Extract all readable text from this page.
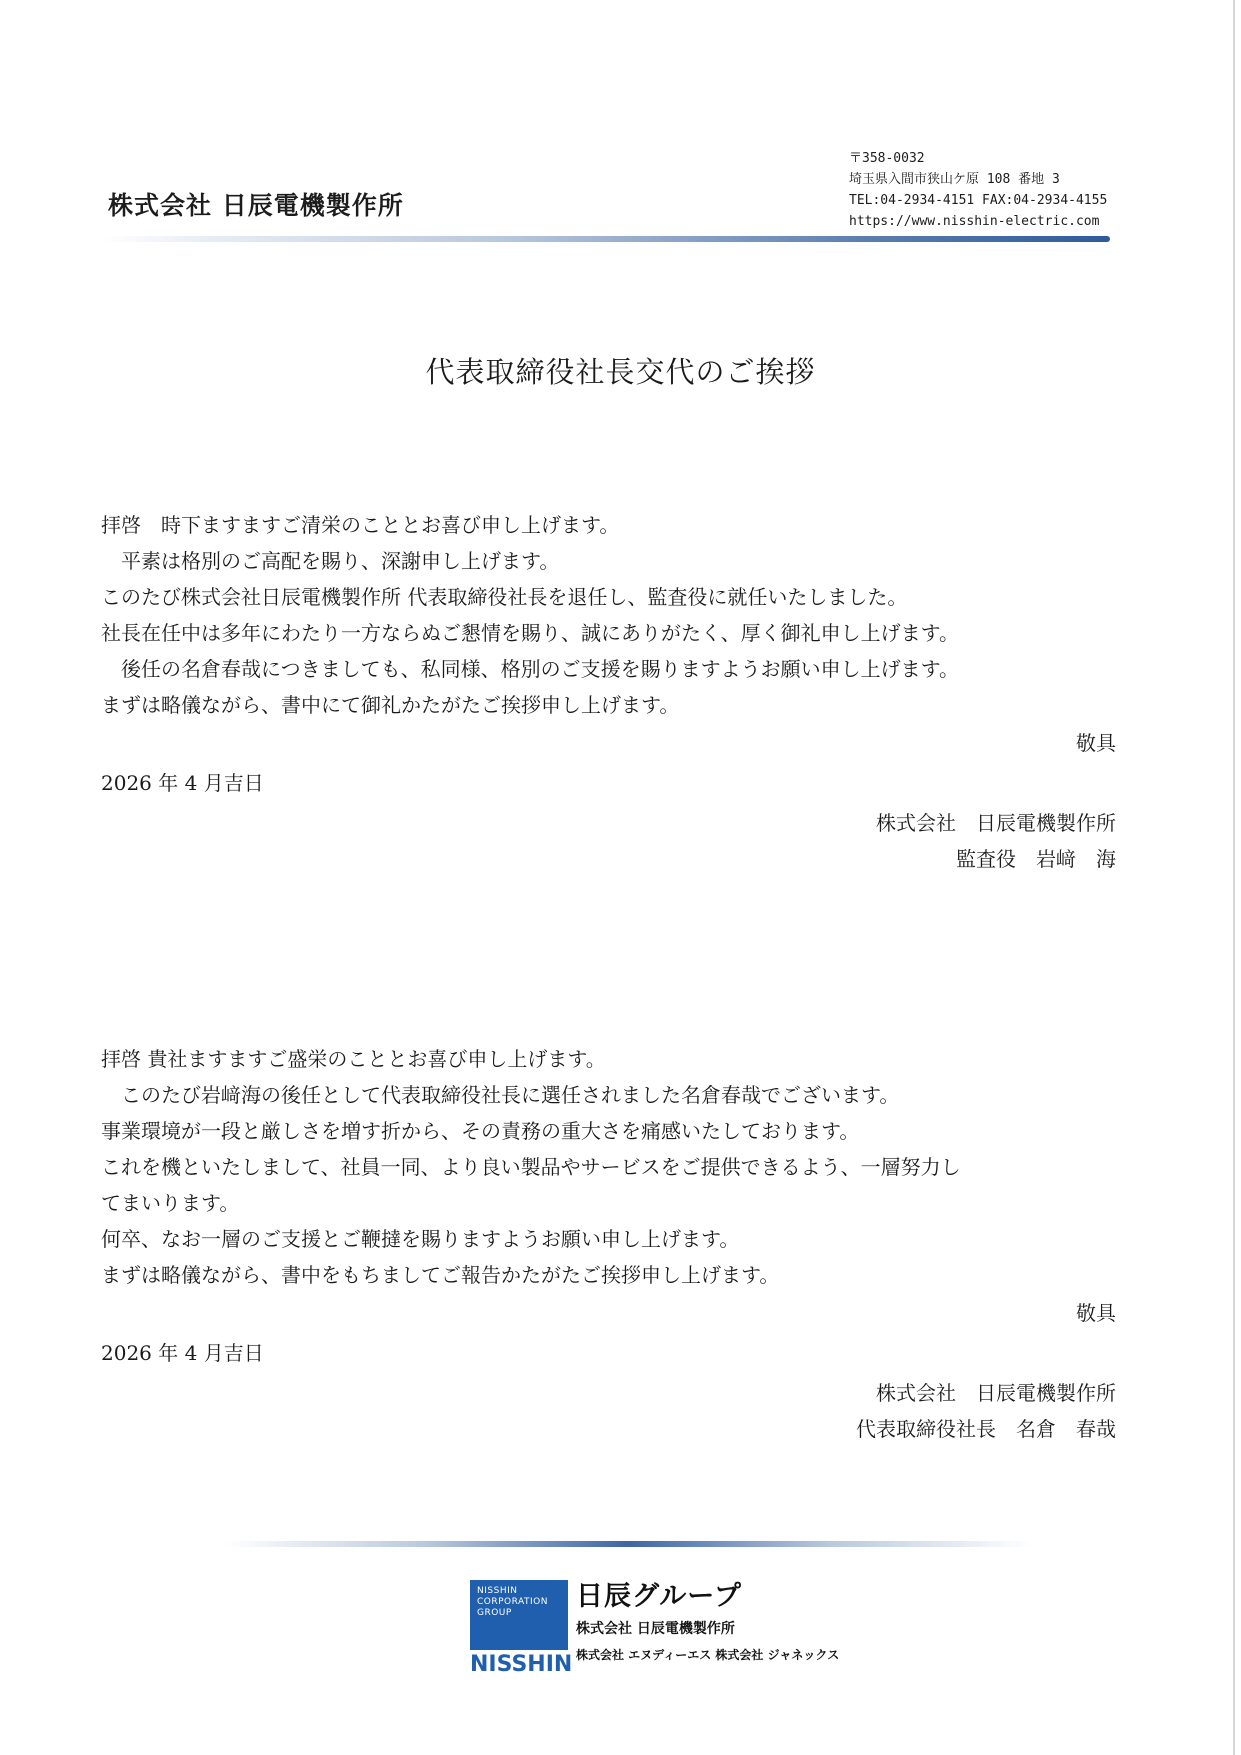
株式会社 日辰電機製作所
〒358-0032
埼玉県入間市狭山ケ原 108 番地 3
TEL:04-2934-4151 FAX:04-2934-4155
https://www.nisshin-electric.com
代表取締役社長交代のご挨拶
拝啓　時下ますますご清栄のこととお喜び申し上げます。
　平素は格別のご高配を賜り、深謝申し上げます。
このたび株式会社日辰電機製作所 代表取締役社長を退任し、監査役に就任いたしました。
社長在任中は多年にわたり一方ならぬご懇情を賜り、誠にありがたく、厚く御礼申し上げます。
　後任の名倉春哉につきましても、私同様、格別のご支援を賜りますようお願い申し上げます。
まずは略儀ながら、書中にて御礼かたがたご挨拶申し上げます。
敬具
2026 年 4 月吉日
株式会社　日辰電機製作所
監査役　岩﨑　海
拝啓 貴社ますますご盛栄のこととお喜び申し上げます。
　このたび岩﨑海の後任として代表取締役社長に選任されました名倉春哉でございます。
事業環境が一段と厳しさを増す折から、その責務の重大さを痛感いたしております。
これを機といたしまして、社員一同、より良い製品やサービスをご提供できるよう、一層努力し
てまいります。
何卒、なお一層のご支援とご鞭撻を賜りますようお願い申し上げます。
まずは略儀ながら、書中をもちましてご報告かたがたご挨拶申し上げます。
敬具
2026 年 4 月吉日
株式会社　日辰電機製作所
代表取締役社長　名倉　春哉
NISSHIN
CORPORATION
GROUP
NISSHIN
日辰グループ
株式会社 日辰電機製作所
株式会社 エヌディーエス 株式会社 ジャネックス
